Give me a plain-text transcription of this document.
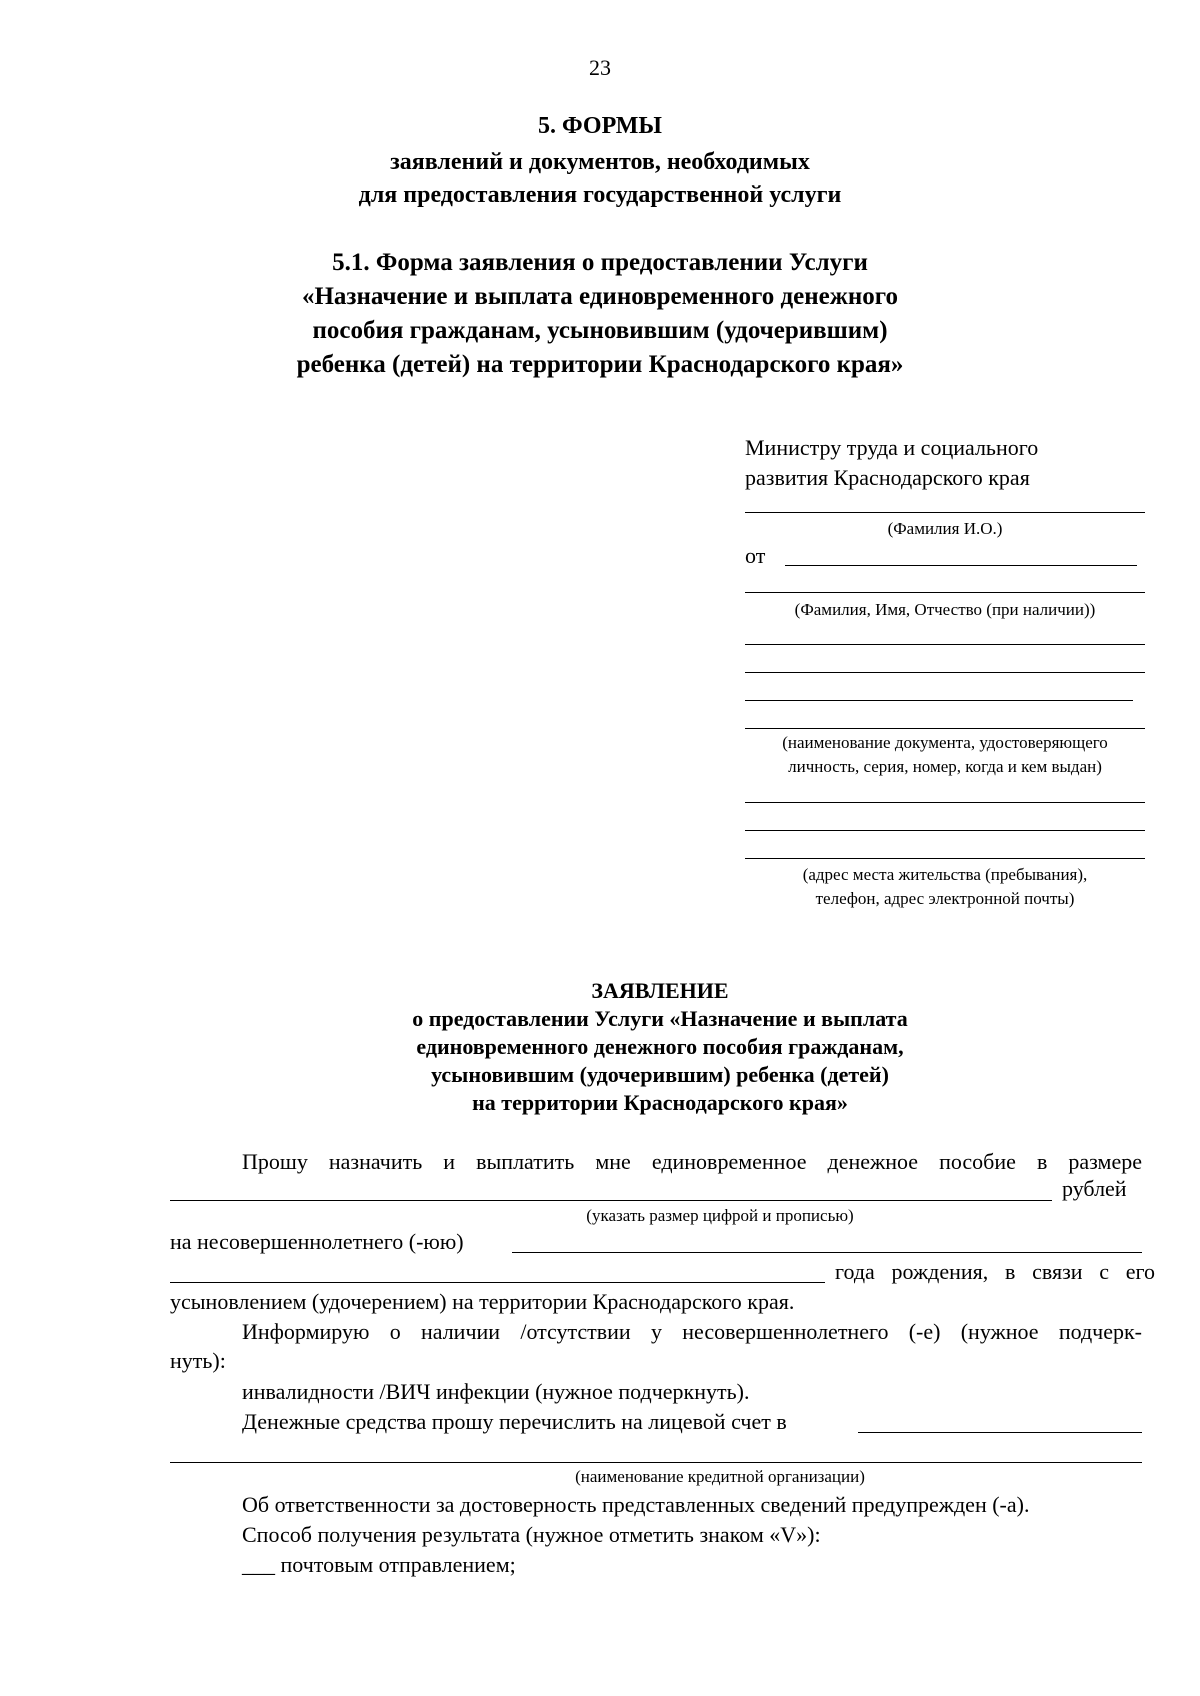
23
5. ФОРМЫ
заявлений и документов, необходимых
для предоставления государственной услуги
5.1. Форма заявления о предоставлении Услуги
«Назначение и выплата единовременного денежного
пособия гражданам, усыновившим (удочерившим)
ребенка (детей) на территории Краснодарского края»
Министру труда и социального
развития Краснодарского края
(Фамилия И.О.)
от
(Фамилия, Имя, Отчество (при наличии))
(наименование документа, удостоверяющего
личность, серия, номер, когда и кем выдан)
(адрес места жительства (пребывания),
телефон, адрес электронной почты)
ЗАЯВЛЕНИЕ
о предоставлении Услуги «Назначение и выплата
единовременного денежного пособия гражданам,
усыновившим (удочерившим) ребенка (детей)
на территории Краснодарского края»
Прошу назначить и выплатить мне единовременное денежное пособие в размере
рублей
(указать размер цифрой и прописью)
на несовершеннолетнего (-юю)
года рождения, в связи с его
усыновлением (удочерением) на территории Краснодарского края.
Информирую о наличии /отсутствии у несовершеннолетнего (-е) (нужное подчерк-
нуть):
инвалидности /ВИЧ инфекции (нужное подчеркнуть).
Денежные средства прошу перечислить на лицевой счет в
(наименование кредитной организации)
Об ответственности за достоверность представленных сведений предупрежден (-а).
Способ получения результата (нужное отметить знаком «V»):
___ почтовым отправлением;
